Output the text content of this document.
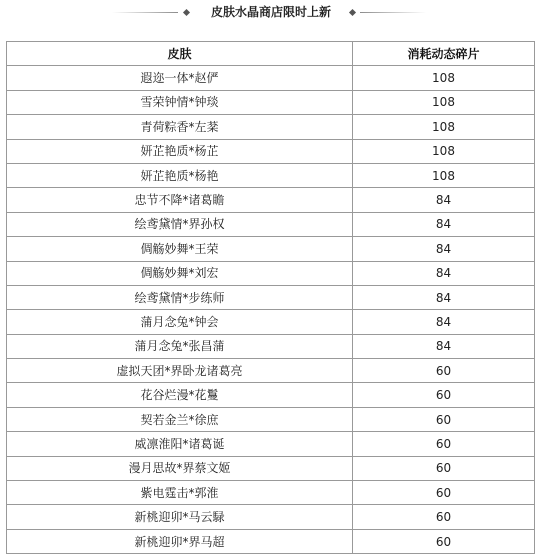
皮肤水晶商店限时上新
皮肤	消耗动态碎片
遐迩一体*赵俨	108
雪荣钟情*钟琰	108
青荷粽香*左棻	108
妍芷艳质*杨芷	108
妍芷艳质*杨艳	108
忠节不降*诸葛瞻	84
绘鸢黛情*界孙权	84
倜觞妙舞*王荣	84
倜觞妙舞*刘宏	84
绘鸢黛情*步练师	84
蒲月念兔*钟会	84
蒲月念兔*张昌蒲	84
虚拟天团*界卧龙诸葛亮	60
花谷烂漫*花鬘	60
契若金兰*徐庶	60
威凛淮阳*诸葛诞	60
漫月思故*界蔡文姬	60
紫电霆击*郭淮	60
新桃迎卯*马云騄	60
新桃迎卯*界马超	60
